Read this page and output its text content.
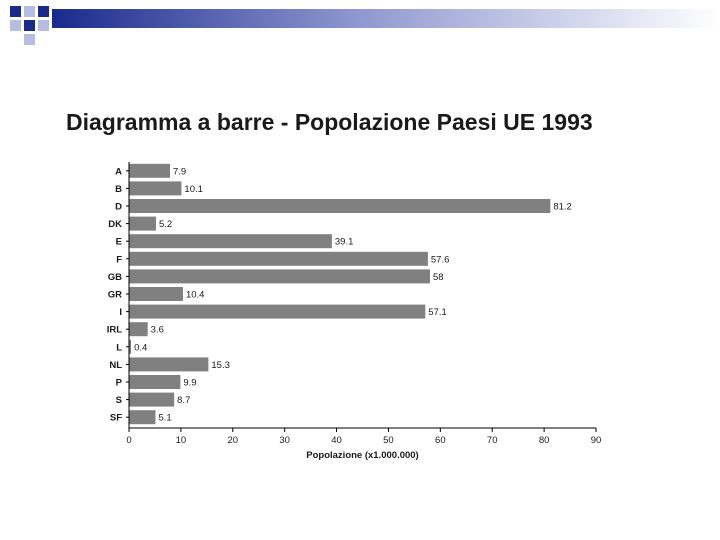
Diagramma a barre - Popolazione Paesi UE 1993
A	7.9
B	10.1
D	81.2
DK	5.2
E	39.1
F	57.6
GB	58
GR	10.4
I	57.1
IRL	3.6
L 0.4
NL	15.3
P	9.9
S	8.7
SF	5.1
0	10	20	30	40	50	60	70	80	90
Popolazione (x1.000.000)
